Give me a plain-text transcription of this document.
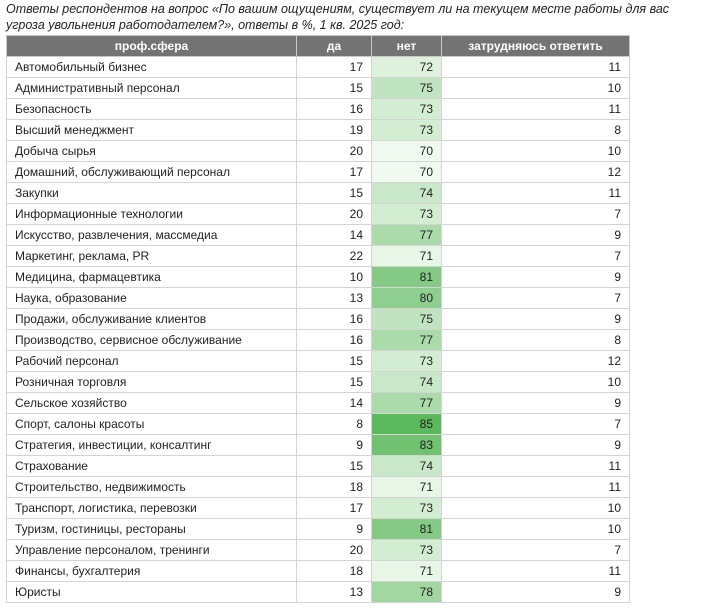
Ответы респондентов на вопрос «По вашим ощущениям, существует ли на текущем месте работы для вас угроза увольнения работодателем?», ответы в %, 1 кв. 2025 год:
проф.сфера	да	нет	затрудняюсь ответить
Автомобильный бизнес	17	72	11
Административный персонал	15	75	10
Безопасность	16	73	11
Высший менеджмент	19	73	8
Добыча сырья	20	70	10
Домашний, обслуживающий персонал	17	70	12
Закупки	15	74	11
Информационные технологии	20	73	7
Искусство, развлечения, массмедиа	14	77	9
Маркетинг, реклама, PR	22	71	7
Медицина, фармацевтика	10	81	9
Наука, образование	13	80	7
Продажи, обслуживание клиентов	16	75	9
Производство, сервисное обслуживание	16	77	8
Рабочий персонал	15	73	12
Розничная торговля	15	74	10
Сельское хозяйство	14	77	9
Спорт, салоны красоты	8	85	7
Стратегия, инвестиции, консалтинг	9	83	9
Страхование	15	74	11
Строительство, недвижимость	18	71	11
Транспорт, логистика, перевозки	17	73	10
Туризм, гостиницы, рестораны	9	81	10
Управление персоналом, тренинги	20	73	7
Финансы, бухгалтерия	18	71	11
Юристы	13	78	9
